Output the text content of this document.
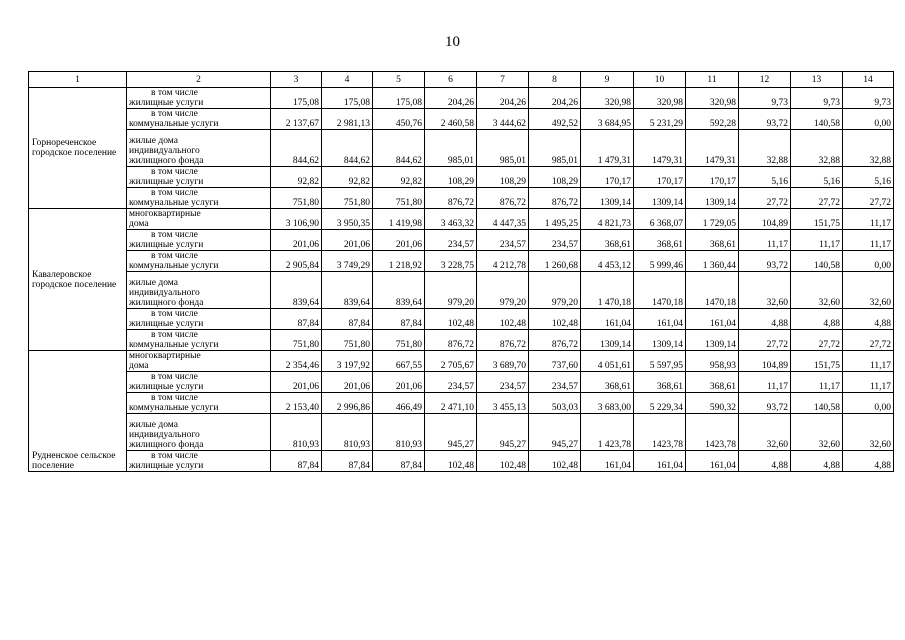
10
1	2	3	4	5	6	7	8	9	10	11	12	13	14
Горнореченское городское поселение	в том числе
жилищные услуги	175,08	175,08	175,08	204,26	204,26	204,26	320,98	320,98	320,98	9,73	9,73	9,73

	в том числе
коммунальные услуги	2 137,67	2 981,13	450,76	2 460,58	3 444,62	492,52	3 684,95	5 231,29	592,28	93,72	140,58	0,00

	жилые дома
индивидуального
жилищного фонда	844,62	844,62	844,62	985,01	985,01	985,01	1 479,31	1479,31	1479,31	32,88	32,88	32,88

	в том числе
жилищные услуги	92,82	92,82	92,82	108,29	108,29	108,29	170,17	170,17	170,17	5,16	5,16	5,16

	в том числе
коммунальные услуги	751,80	751,80	751,80	876,72	876,72	876,72	1309,14	1309,14	1309,14	27,72	27,72	27,72
Кавалеровское городское поселение	многоквартирные
дома	3 106,90	3 950,35	1 419,98	3 463,32	4 447,35	1 495,25	4 821,73	6 368,07	1 729,05	104,89	151,75	11,17

	в том числе
жилищные услуги	201,06	201,06	201,06	234,57	234,57	234,57	368,61	368,61	368,61	11,17	11,17	11,17

	в том числе
коммунальные услуги	2 905,84	3 749,29	1 218,92	3 228,75	4 212,78	1 260,68	4 453,12	5 999,46	1 360,44	93,72	140,58	0,00

	жилые дома
индивидуального
жилищного фонда	839,64	839,64	839,64	979,20	979,20	979,20	1 470,18	1470,18	1470,18	32,60	32,60	32,60

	в том числе
жилищные услуги	87,84	87,84	87,84	102,48	102,48	102,48	161,04	161,04	161,04	4,88	4,88	4,88

	в том числе
коммунальные услуги	751,80	751,80	751,80	876,72	876,72	876,72	1309,14	1309,14	1309,14	27,72	27,72	27,72
Рудненское сельское поселение	многоквартирные
дома	2 354,46	3 197,92	667,55	2 705,67	3 689,70	737,60	4 051,61	5 597,95	958,93	104,89	151,75	11,17

	в том числе
жилищные услуги	201,06	201,06	201,06	234,57	234,57	234,57	368,61	368,61	368,61	11,17	11,17	11,17

	в том числе
коммунальные услуги	2 153,40	2 996,86	466,49	2 471,10	3 455,13	503,03	3 683,00	5 229,34	590,32	93,72	140,58	0,00

	жилые дома
индивидуального
жилищного фонда	810,93	810,93	810,93	945,27	945,27	945,27	1 423,78	1423,78	1423,78	32,60	32,60	32,60

	в том числе
жилищные услуги	87,84	87,84	87,84	102,48	102,48	102,48	161,04	161,04	161,04	4,88	4,88	4,88
